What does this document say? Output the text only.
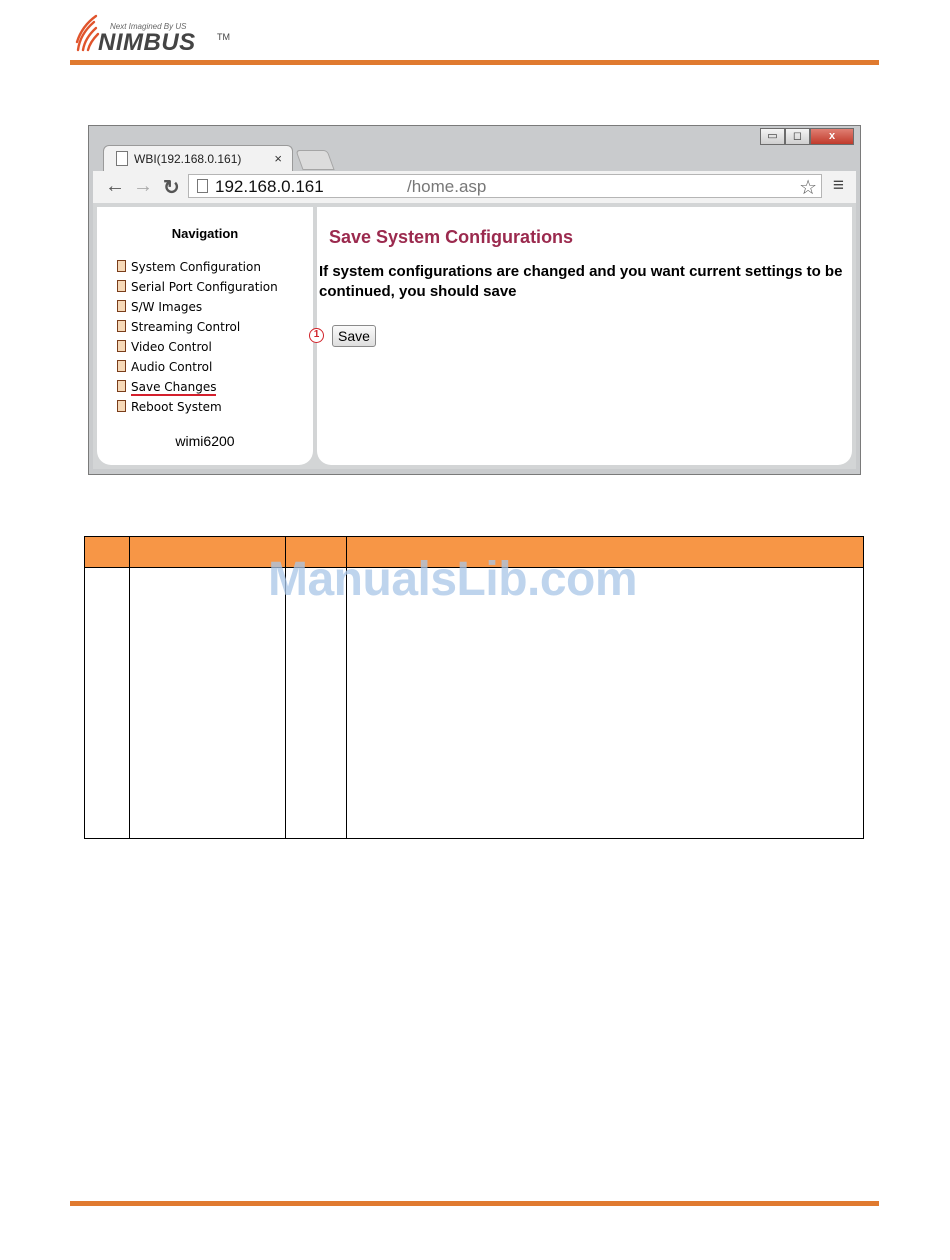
Next Imagined By US
NIMBUS TM
▭	◻	x
WBI(192.168.0.161)	×
← → ↻ 192.168.0.161	/home.asp	☆ ≡
Navigation
System Configuration
Serial Port Configuration
S/W Images
Streaming Control
Video Control
Audio Control
Save Changes
Reboot System
wimi6200
Save System Configurations
If system configurations are changed and you want current settings to be continued, you should save
1	Save

ManualsLib.com
